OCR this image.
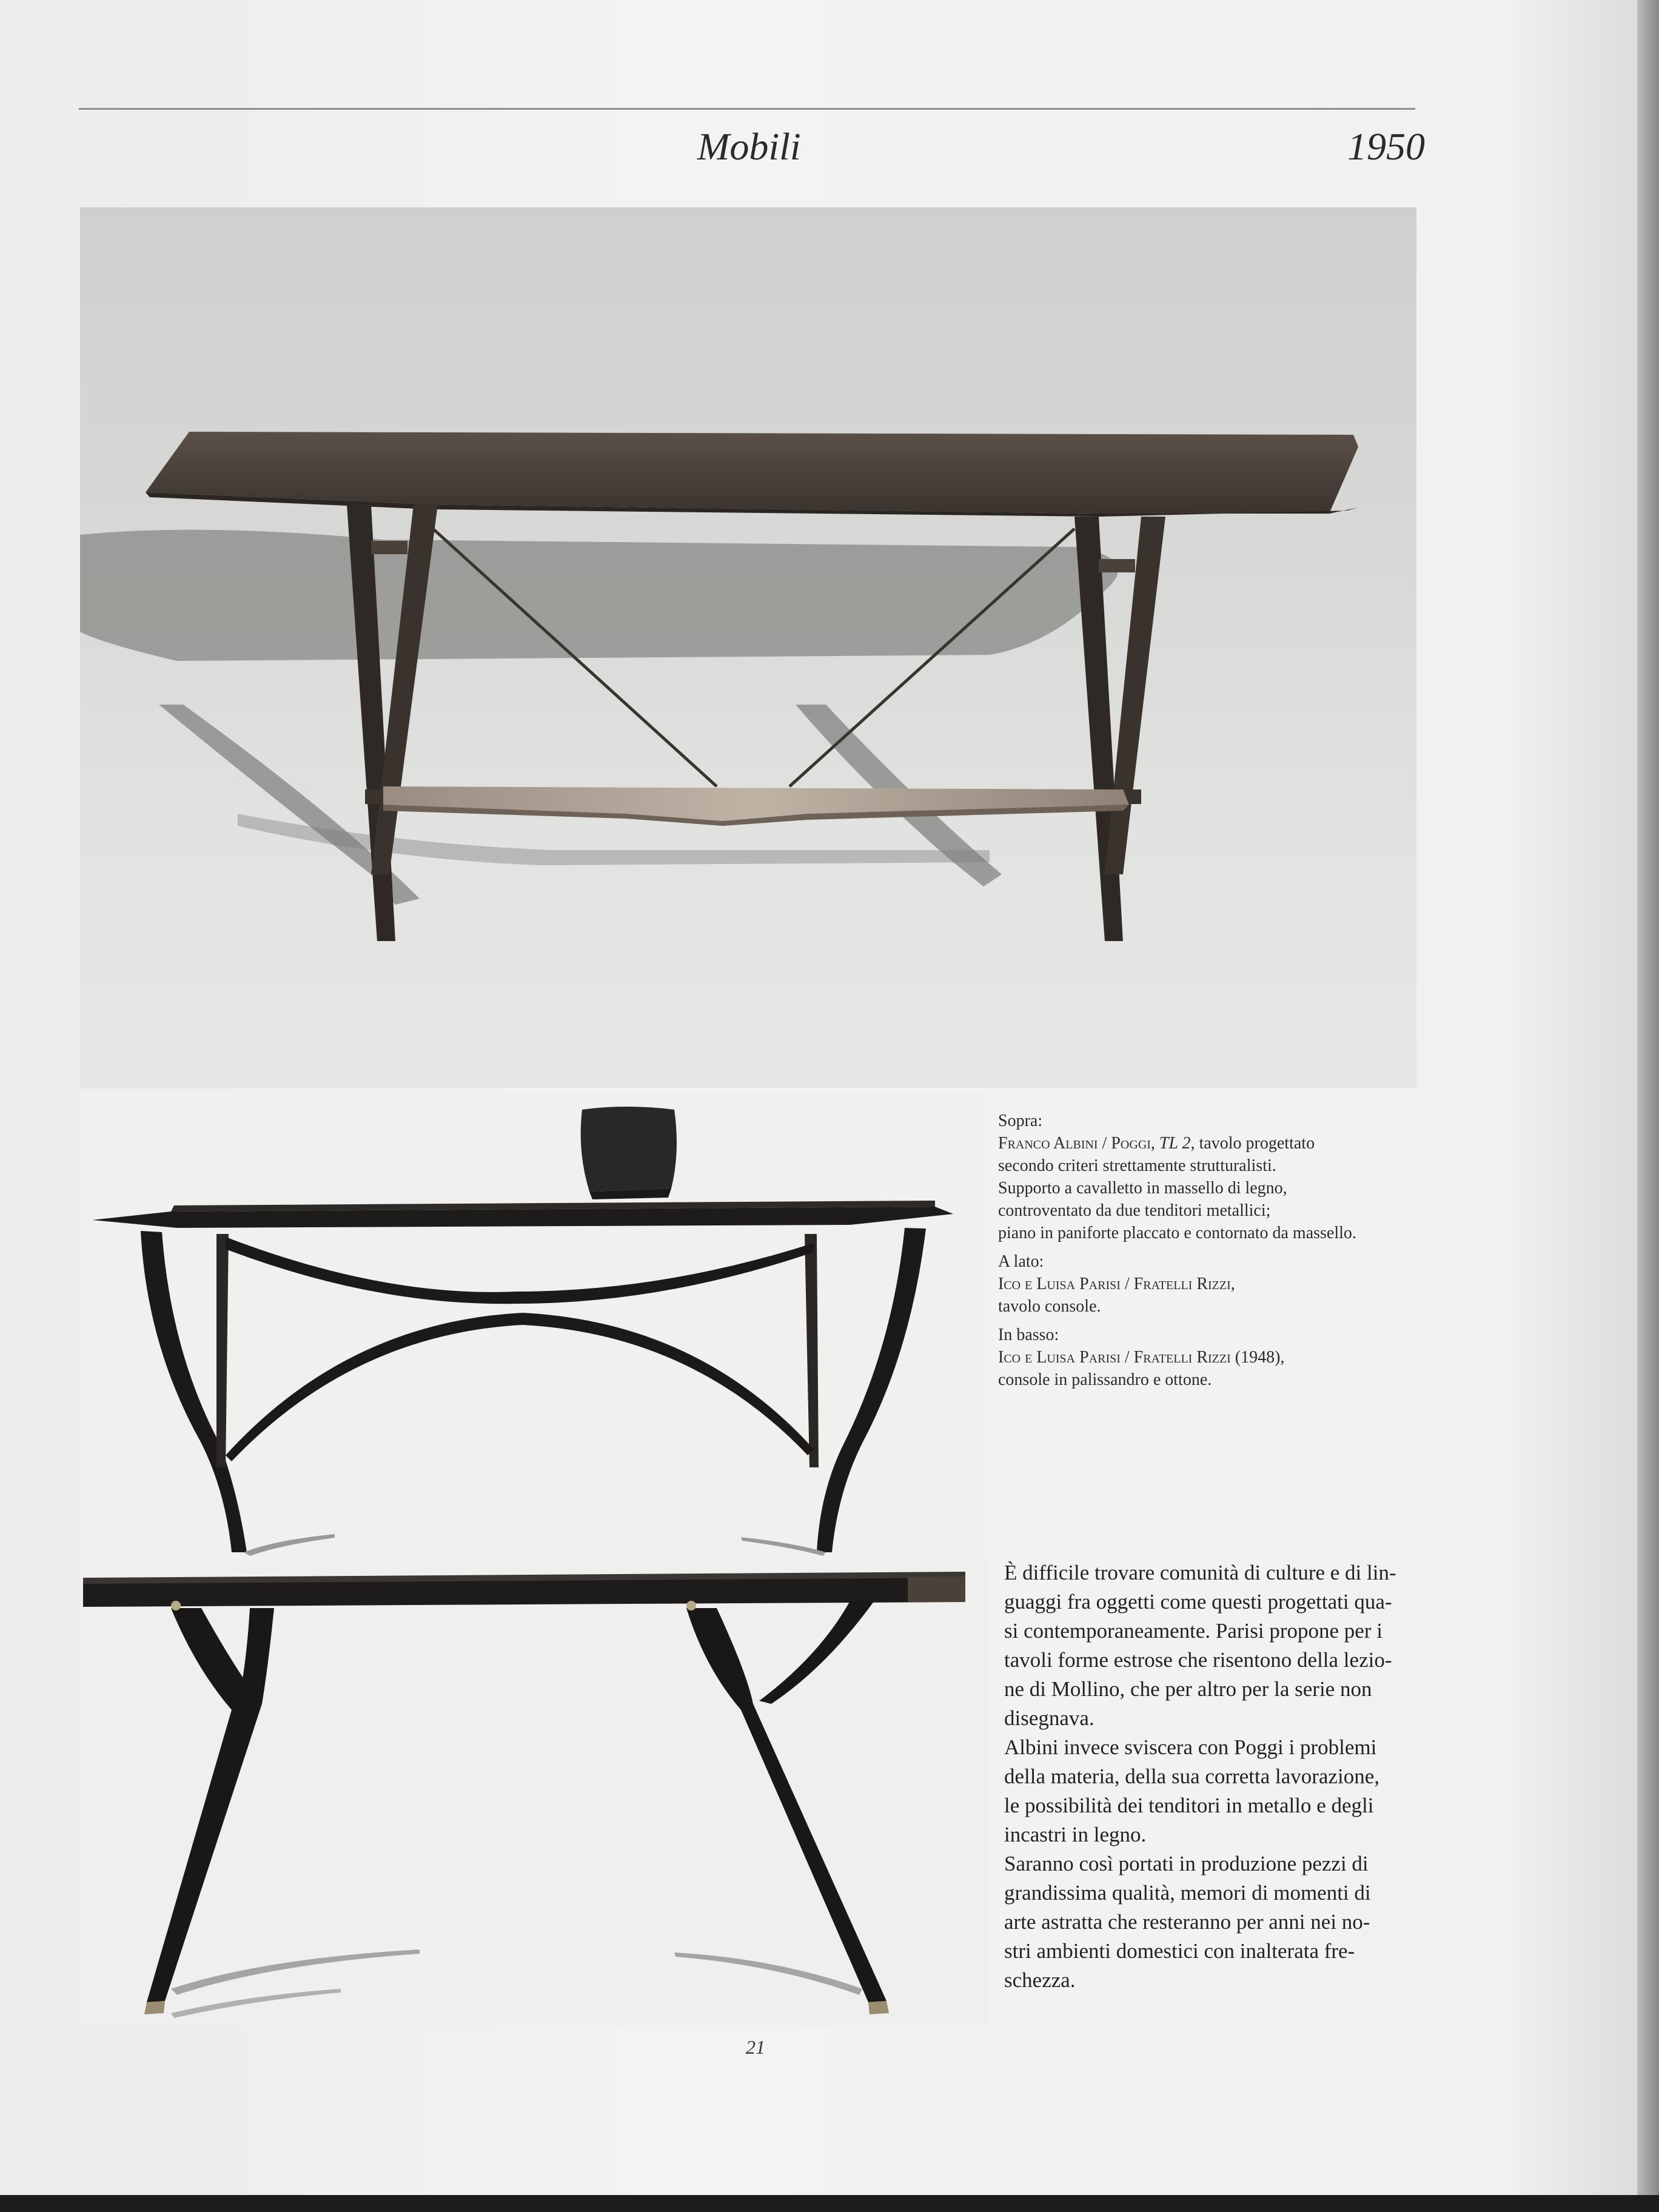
Mobili	1950
Sopra:
Franco Albini / Poggi, TL 2, tavolo progettato
secondo criteri strettamente strutturalisti.
Supporto a cavalletto in massello di legno,
controventato da due tenditori metallici;
piano in paniforte placcato e contornato da massello.
A lato:
Ico e Luisa Parisi / Fratelli Rizzi,
tavolo console.
In basso:
Ico e Luisa Parisi / Fratelli Rizzi (1948),
console in palissandro e ottone.
È difficile trovare comunità di culture e di lin-
guaggi fra oggetti come questi progettati qua-
si contemporaneamente. Parisi propone per i
tavoli forme estrose che risentono della lezio-
ne di Mollino, che per altro per la serie non
disegnava.
Albini invece sviscera con Poggi i problemi
della materia, della sua corretta lavorazione,
le possibilità dei tenditori in metallo e degli
incastri in legno.
Saranno così portati in produzione pezzi di
grandissima qualità, memori di momenti di
arte astratta che resteranno per anni nei no-
stri ambienti domestici con inalterata fre-
schezza.
21
